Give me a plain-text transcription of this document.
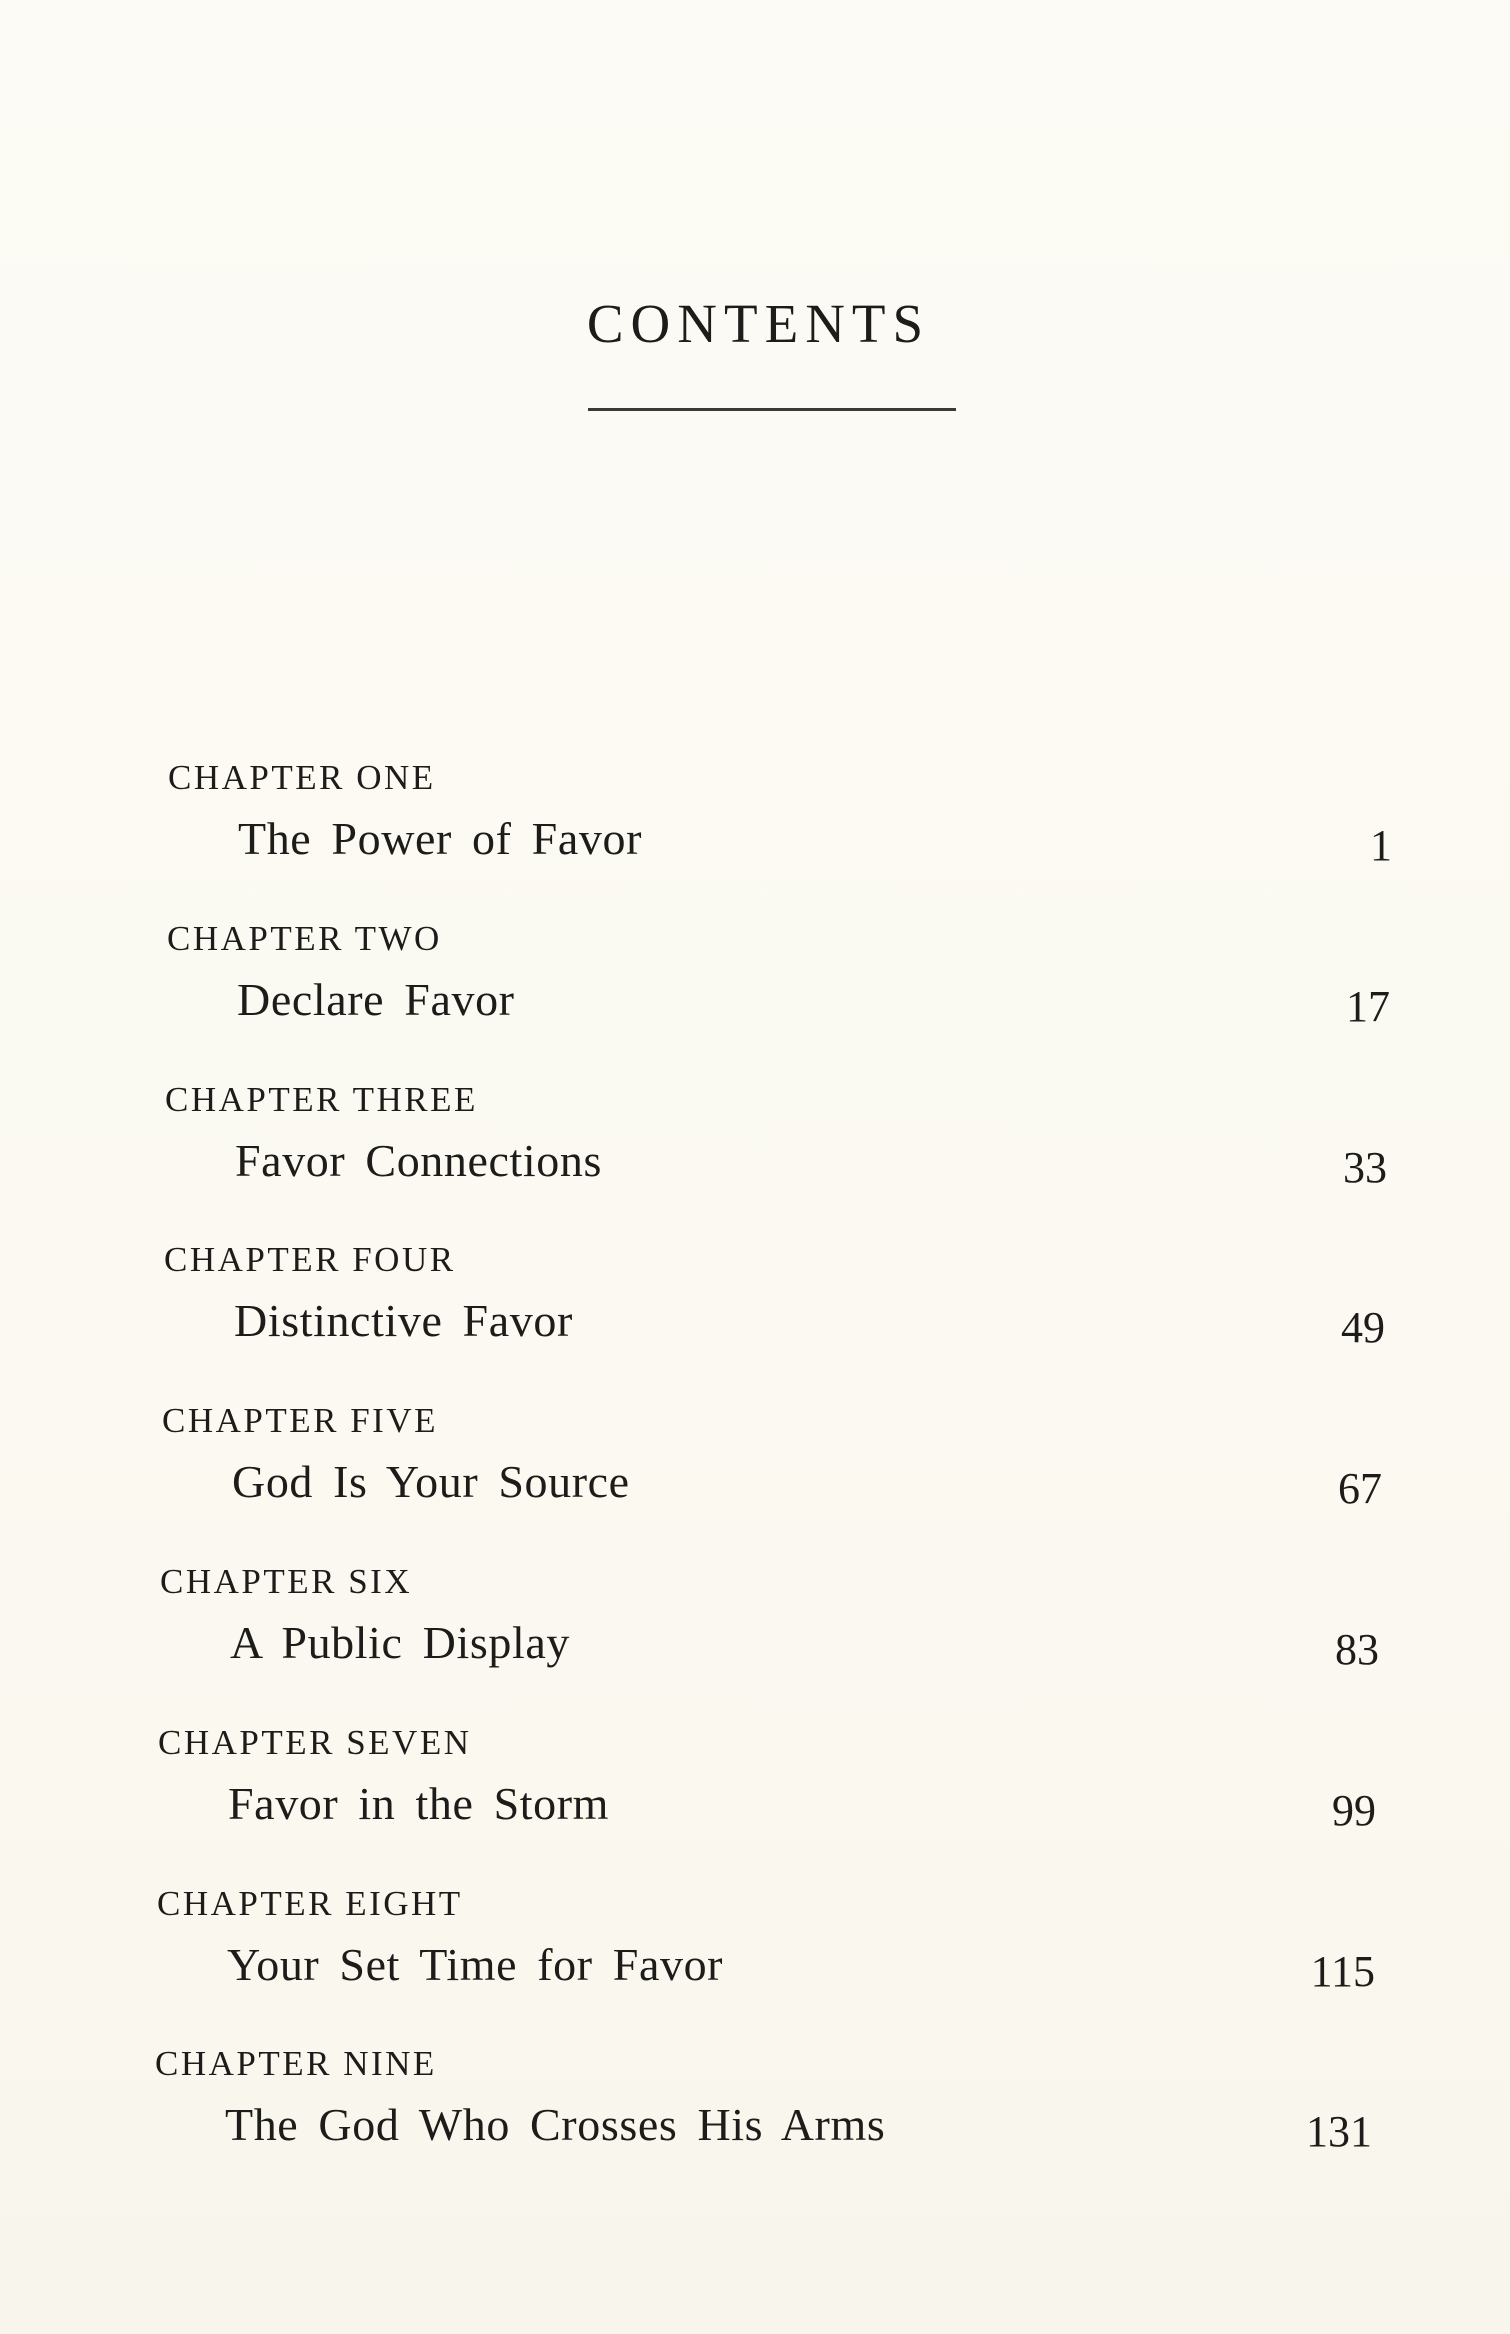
CONTENTS
CHAPTER ONE
The Power of Favor	1
CHAPTER TWO
Declare Favor	17
CHAPTER THREE
Favor Connections	33
CHAPTER FOUR
Distinctive Favor	49
CHAPTER FIVE
God Is Your Source	67
CHAPTER SIX
A Public Display	83
CHAPTER SEVEN
Favor in the Storm	99
CHAPTER EIGHT
Your Set Time for Favor	115
CHAPTER NINE
The God Who Crosses His Arms	131
